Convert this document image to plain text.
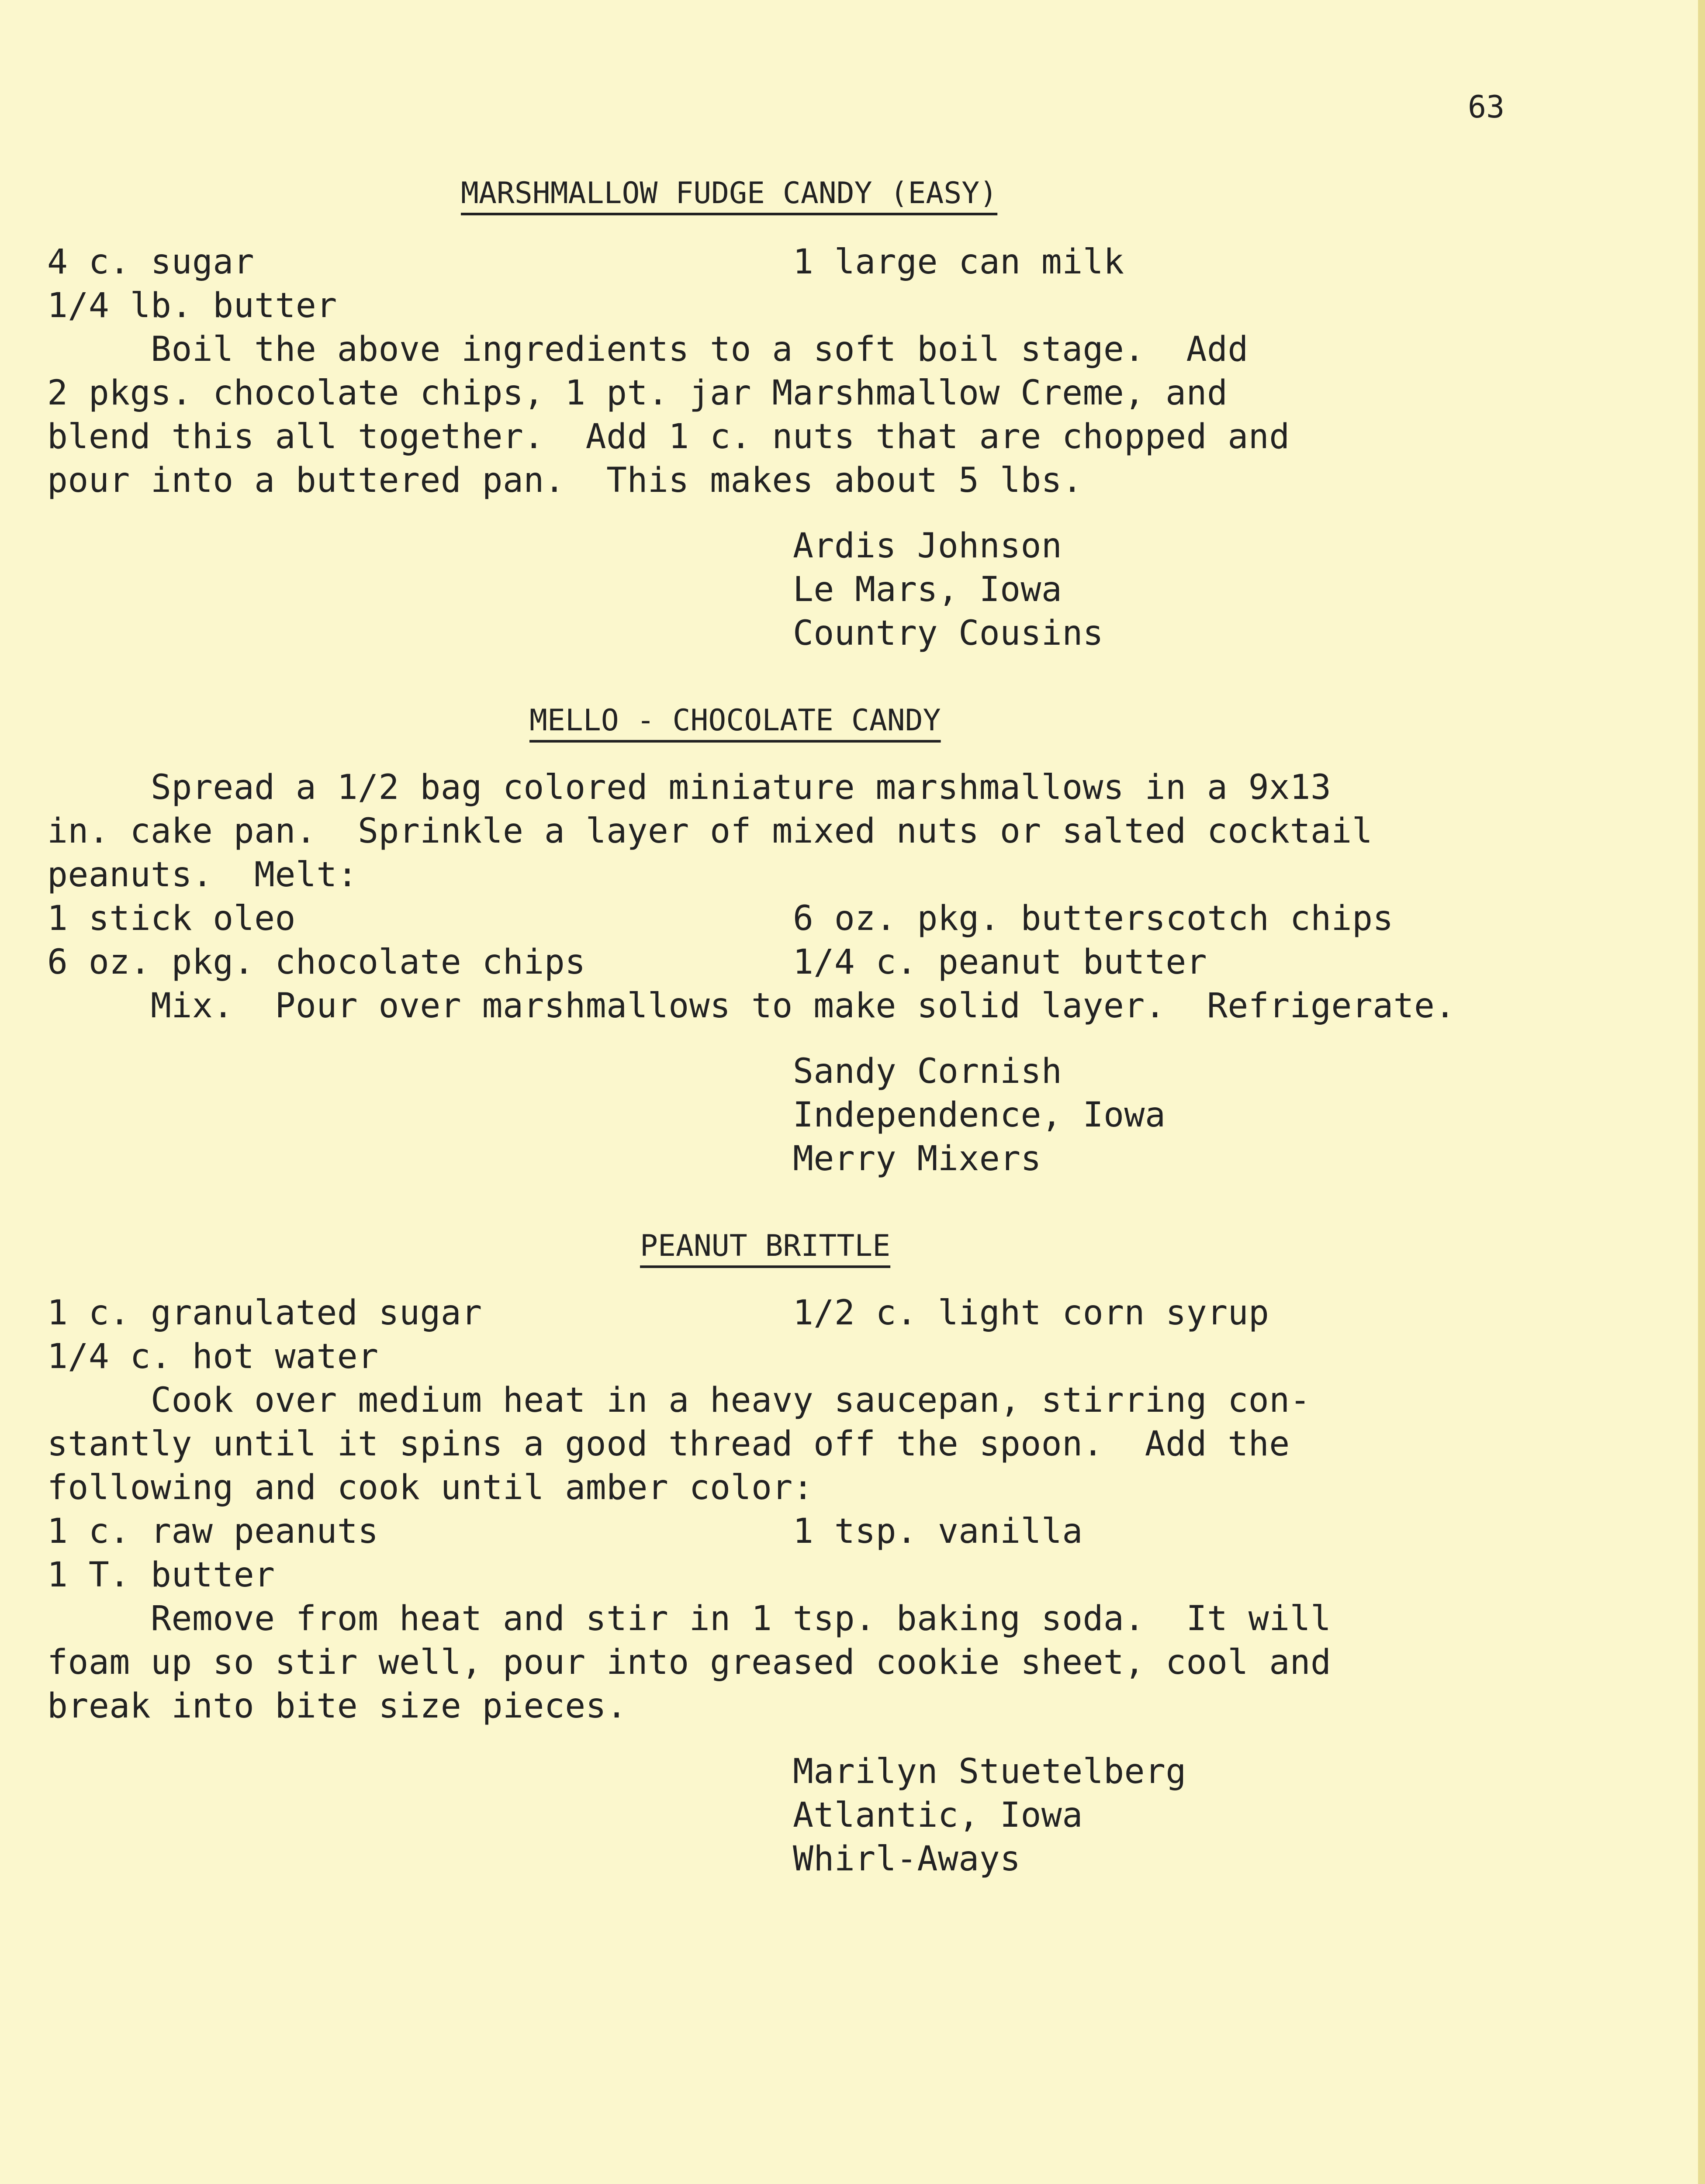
63

MARSHMALLOW FUDGE CANDY (EASY)

4 c. sugar	1 large can milk

1/4 lb. butter

Boil the above ingredients to a soft boil stage.  Add

2 pkgs. chocolate chips, 1 pt. jar Marshmallow Creme, and

blend this all together.  Add 1 c. nuts that are chopped and

pour into a buttered pan.  This makes about 5 lbs.

Ardis Johnson

Le Mars, Iowa

Country Cousins

MELLO - CHOCOLATE CANDY

Spread a 1/2 bag colored miniature marshmallows in a 9x13

in. cake pan.  Sprinkle a layer of mixed nuts or salted cocktail

peanuts.  Melt:

1 stick oleo	6 oz. pkg. butterscotch chips

6 oz. pkg. chocolate chips	1/4 c. peanut butter

Mix.  Pour over marshmallows to make solid layer.  Refrigerate.

Sandy Cornish

Independence, Iowa

Merry Mixers

PEANUT BRITTLE

1 c. granulated sugar	1/2 c. light corn syrup

1/4 c. hot water

Cook over medium heat in a heavy saucepan, stirring con-

stantly until it spins a good thread off the spoon.  Add the

following and cook until amber color:

1 c. raw peanuts	1 tsp. vanilla

1 T. butter

Remove from heat and stir in 1 tsp. baking soda.  It will

foam up so stir well, pour into greased cookie sheet, cool and

break into bite size pieces.

Marilyn Stuetelberg

Atlantic, Iowa

Whirl-Aways
